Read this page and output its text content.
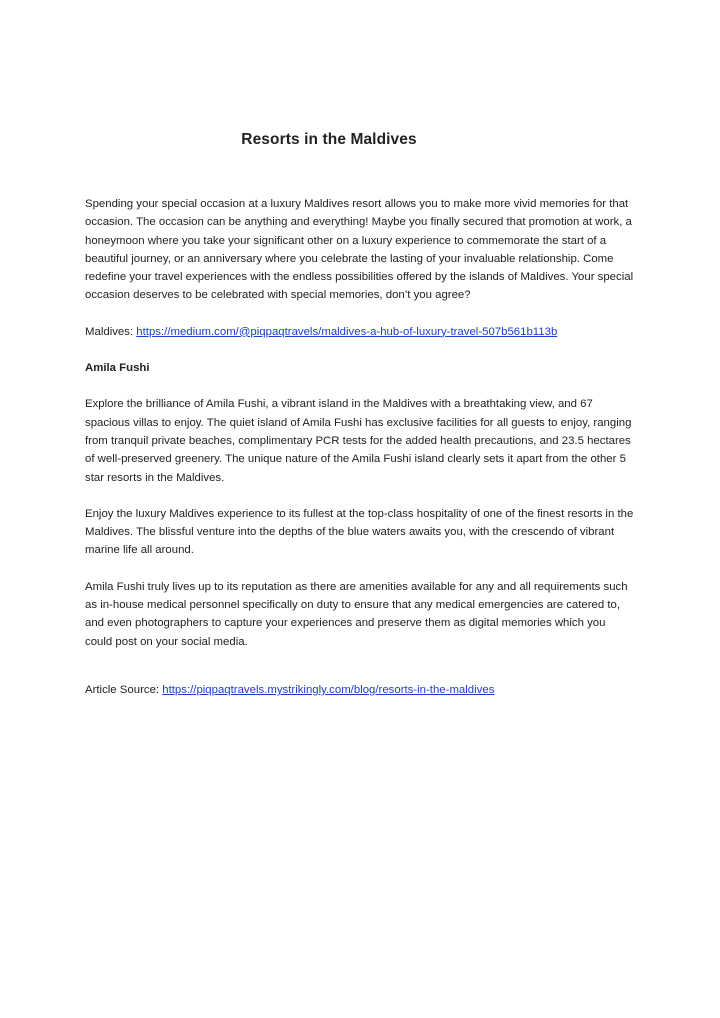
Resorts in the Maldives

Spending your special occasion at a luxury Maldives resort allows you to make more vivid memories for that occasion. The occasion can be anything and everything! Maybe you finally secured that promotion at work, a honeymoon where you take your significant other on a luxury experience to commemorate the start of a beautiful journey, or an anniversary where you celebrate the lasting of your invaluable relationship. Come redefine your travel experiences with the endless possibilities offered by the islands of Maldives. Your special occasion deserves to be celebrated with special memories, don’t you agree?

Maldives: https://medium.com/@piqpaqtravels/maldives-a-hub-of-luxury-travel-507b561b113b

Amila Fushi

Explore the brilliance of Amila Fushi, a vibrant island in the Maldives with a breathtaking view, and 67 spacious villas to enjoy. The quiet island of Amila Fushi has exclusive facilities for all guests to enjoy, ranging from tranquil private beaches, complimentary PCR tests for the added health precautions, and 23.5 hectares of well-preserved greenery. The unique nature of the Amila Fushi island clearly sets it apart from the other 5 star resorts in the Maldives.

Enjoy the luxury Maldives experience to its fullest at the top-class hospitality of one of the finest resorts in the Maldives. The blissful venture into the depths of the blue waters awaits you, with the crescendo of vibrant marine life all around.

Amila Fushi truly lives up to its reputation as there are amenities available for any and all requirements such as in-house medical personnel specifically on duty to ensure that any medical emergencies are catered to, and even photographers to capture your experiences and preserve them as digital memories which you could post on your social media.

Article Source: https://piqpaqtravels.mystrikingly.com/blog/resorts-in-the-maldives
